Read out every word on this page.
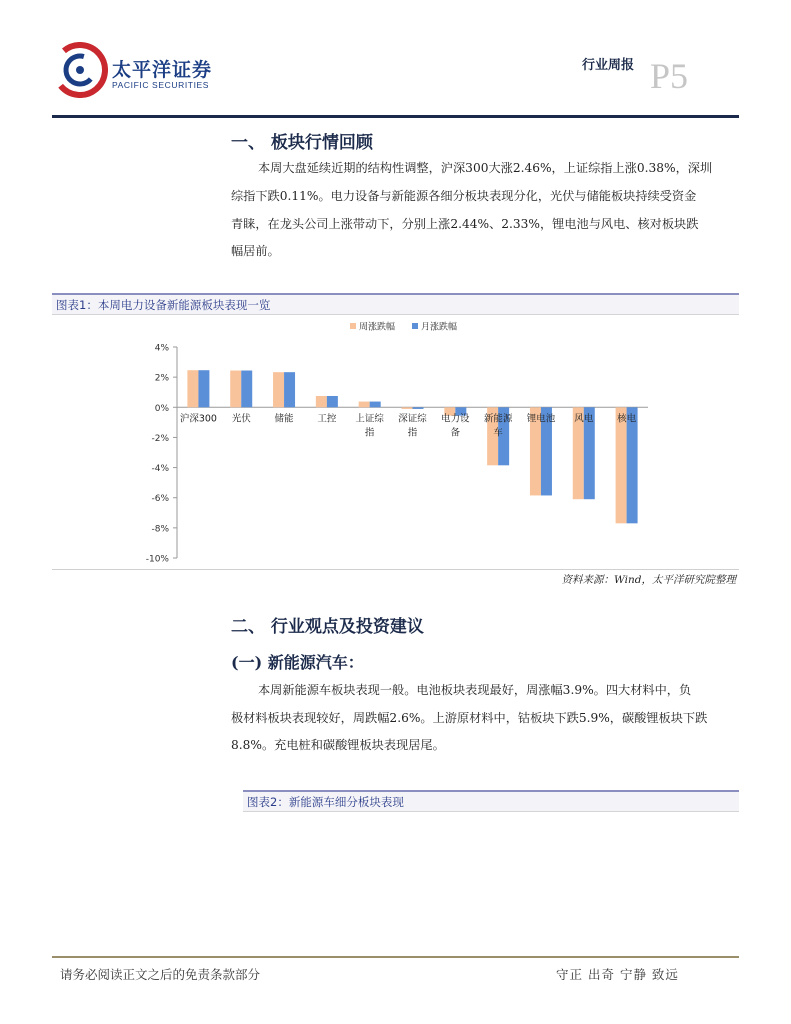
太平洋证券
PACIFIC SECURITIES
行业周报 P5
一、 板块行情回顾
本周大盘延续近期的结构性调整，沪深300大涨2.46%，上证综指上涨0.38%，深圳
综指下跌0.11%。电力设备与新能源各细分板块表现分化，光伏与储能板块持续受资金
青睐，在龙头公司上涨带动下，分别上涨2.44%、2.33%，锂电池与风电、核对板块跌
幅居前。
图表1：本周电力设备新能源板块表现一览
4%
2%
0%
-2%
-4%
-6%
-8%
-10%
沪深300 光伏	储能	工控 上证综
指
深证综
指
电力设
备
新能源
车
锂电池 风电	核电
周涨跌幅	月涨跌幅
资料来源：Wind，太平洋研究院整理
二、 行业观点及投资建议
(一) 新能源汽车：
本周新能源车板块表现一般。电池板块表现最好，周涨幅3.9%。四大材料中，负
极材料板块表现较好，周跌幅2.6%。上游原材料中，钴板块下跌5.9%，碳酸锂板块下跌
8.8%。充电桩和碳酸锂板块表现居尾。
图表2：新能源车细分板块表现
请务必阅读正文之后的免责条款部分	守正 出奇 宁静 致远
